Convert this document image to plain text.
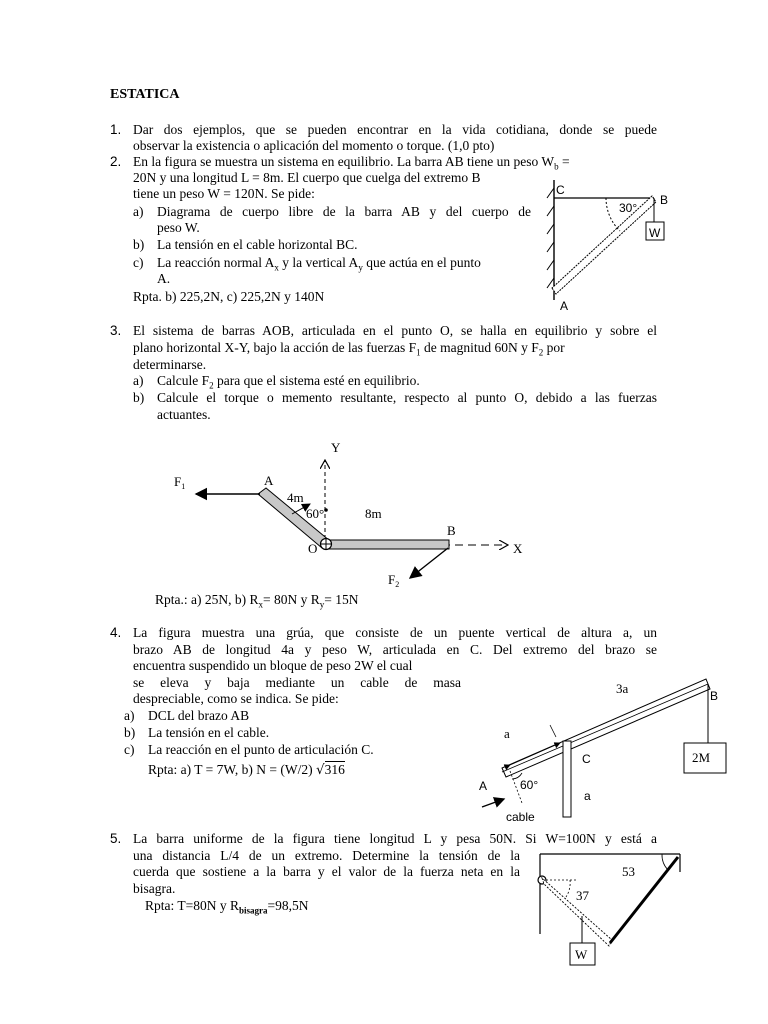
ESTATICA
1. Dar dos ejemplos, que se pueden encontrar en la vida cotidiana, donde se puede
observar la existencia o aplicación del momento o torque. (1,0 pto)
2. En la figura se muestra un sistema en equilibrio. La barra AB tiene un peso $W_b$ =
20N y una longitud L = 8m. El cuerpo que cuelga del extremo B
tiene un peso W = 120N. Se pide:
a) Diagrama de cuerpo libre de la barra AB y del cuerpo de
peso W.
b) La tensión en el cable horizontal BC.
c) La reacción normal $A_x$ y la vertical $A_y$ que actúa en el punto
A.
Rpta. b) 225,2N, c) 225,2N y 140N
C
B
30°
W
A
3. El sistema de barras AOB, articulada en el punto O, se halla en equilibrio y sobre el
plano horizontal X-Y, bajo la acción de las fuerzas $F_1$ de magnitud 60N y $F_2$ por
determinarse.
a) Calcule $F_2$ para que el sistema esté en equilibrio.
b) Calcule el torque o memento resultante, respecto al punto O, debido a las fuerzas
actuantes.
Y
X
$F_1$
$F_2$
A
O
B
4m
60°	8m
Rpta.: a) 25N, b) $R_x= 80N$ y $R_y= 15N$
4. La figura muestra una grúa, que consiste de un puente vertical de altura a, un
brazo AB de longitud 4a y peso W, articulada en C. Del extremo del brazo se
encuentra suspendido un bloque de peso 2W el cual
se eleva y baja mediante un cable de masa
despreciable, como se indica. Se pide:
a) DCL del brazo AB
b) La tensión en el cable.
c) La reacción en el punto de articulación C.
Rpta: a) T = 7W, b) N = (W/2) √316
3a	B
a
C	2M
A	60°
a
cable
5. La barra uniforme de la figura tiene longitud L y pesa 50N. Si W=100N y está a
una distancia L/4 de un extremo. Determine la tensión de la
cuerda que sostiene a la barra y el valor de la fuerza neta en la
bisagra.
Rpta: T=80N y $R_{bisagra}=98,5N$
53
37
W
